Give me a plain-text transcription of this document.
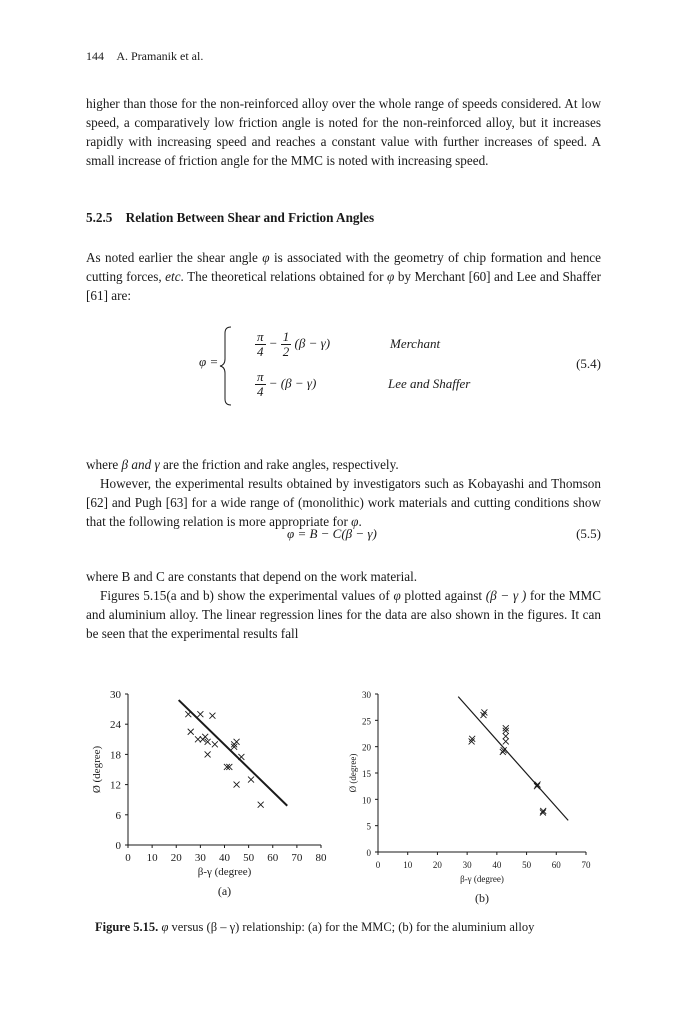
144 A. Pramanik et al.
higher than those for the non-reinforced alloy over the whole range of speeds considered. At low speed, a comparatively low friction angle is noted for the non-reinforced alloy, but it increases rapidly with increasing speed and reaches a constant value with further increases of speed. A small increase of friction angle for the MMC is noted with increasing speed.
5.2.5 Relation Between Shear and Friction Angles
As noted earlier the shear angle φ is associated with the geometry of chip formation and hence cutting forces, etc. The theoretical relations obtained for φ by Merchant [60] and Lee and Shaffer [61] are:
φ =
$\frac{\pi}{4} - \frac{1}{2} (\beta - \gamma)$	Merchant
$\frac{\pi}{4} - (\beta - \gamma)$	Lee and Shaffer
(5.4)
where β and γ are the friction and rake angles, respectively.
However, the experimental results obtained by investigators such as Kobayashi and Thomson [62] and Pugh [63] for a wide range of (monolithic) work materials and cutting conditions show that the following relation is more appropriate for φ.
φ = B − C(β − γ)	(5.5)
where B and C are constants that depend on the work material.
Figures 5.15(a and b) show the experimental values of φ plotted against (β − γ ) for the MMC and aluminium alloy. The linear regression lines for the data are also shown in the figures. It can be seen that the experimental results fall
0 10 20 30 40 50 60 70 80
0
6
12
18
24
30
β-γ (degree)
Ø (degree)
(a)
0	10 20 30 40 50 60 70
0
5
10
15
20
25
30
β-γ (degree)
Ø (degree)
(b)
Figure 5.15. φ versus (β – γ) relationship: (a) for the MMC; (b) for the aluminium alloy
